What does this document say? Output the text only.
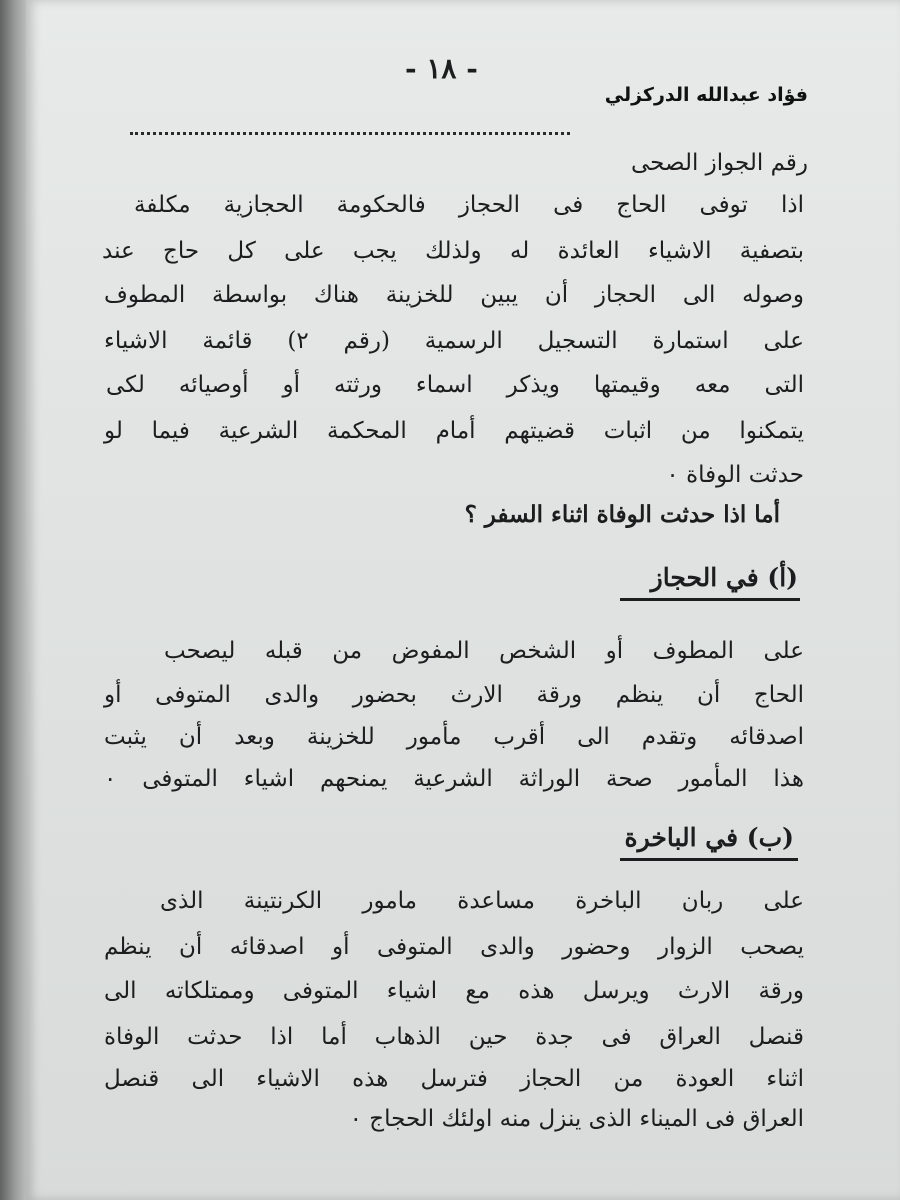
- ١٨ -
فؤاد عبدالله الدركزلي
رقم الجواز الصحى
اذا توفى الحاج فى الحجاز فالحكومة الحجازية مكلفة
بتصفية الاشياء العائدة له ولذلك يجب على كل حاج عند
وصوله الى الحجاز أن يبين للخزينة هناك بواسطة المطوف
على استمارة التسجيل الرسمية (رقم ٢) قائمة الاشياء
التى معه وقيمتها ويذكر اسماء ورثته أو أوصيائه لكى
يتمكنوا من اثبات قضيتهم أمام المحكمة الشرعية فيما لو
حدثت الوفاة ٠
أما اذا حدثت الوفاة اثناء السفر ؟
(أ) في الحجاز
على المطوف أو الشخص المفوض من قبله ليصحب
الحاج أن ينظم ورقة الارث بحضور والدى المتوفى أو
اصدقائه وتقدم الى أقرب مأمور للخزينة وبعد أن يثبت
هذا المأمور صحة الوراثة الشرعية يمنحهم اشياء المتوفى ٠
(ب) في الباخرة
على ربان الباخرة مساعدة مامور الكرنتينة الذى
يصحب الزوار وحضور والدى المتوفى أو اصدقائه أن ينظم
ورقة الارث ويرسل هذه مع اشياء المتوفى وممتلكاته الى
قنصل العراق فى جدة حين الذهاب أما اذا حدثت الوفاة
اثناء العودة من الحجاز فترسل هذه الاشياء الى قنصل
العراق فى الميناء الذى ينزل منه اولئك الحجاج ٠
